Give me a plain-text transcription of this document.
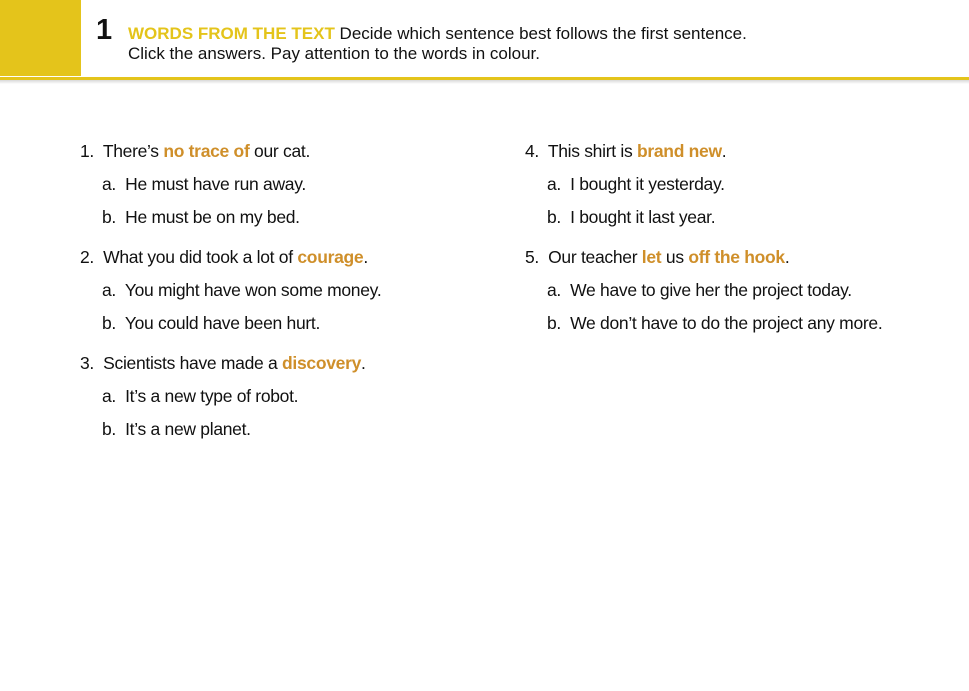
1 WORDS FROM THE TEXT Decide which sentence best follows the first sentence.
Click the answers. Pay attention to the words in colour.
1. There’s no trace of our cat.
a. He must have run away.
b. He must be on my bed.
2. What you did took a lot of courage.
a. You might have won some money.
b. You could have been hurt.
3. Scientists have made a discovery.
a. It’s a new type of robot.
b. It’s a new planet.
4. This shirt is brand new.
a. I bought it yesterday.
b. I bought it last year.
5. Our teacher let us off the hook.
a. We have to give her the project today.
b. We don’t have to do the project any more.
